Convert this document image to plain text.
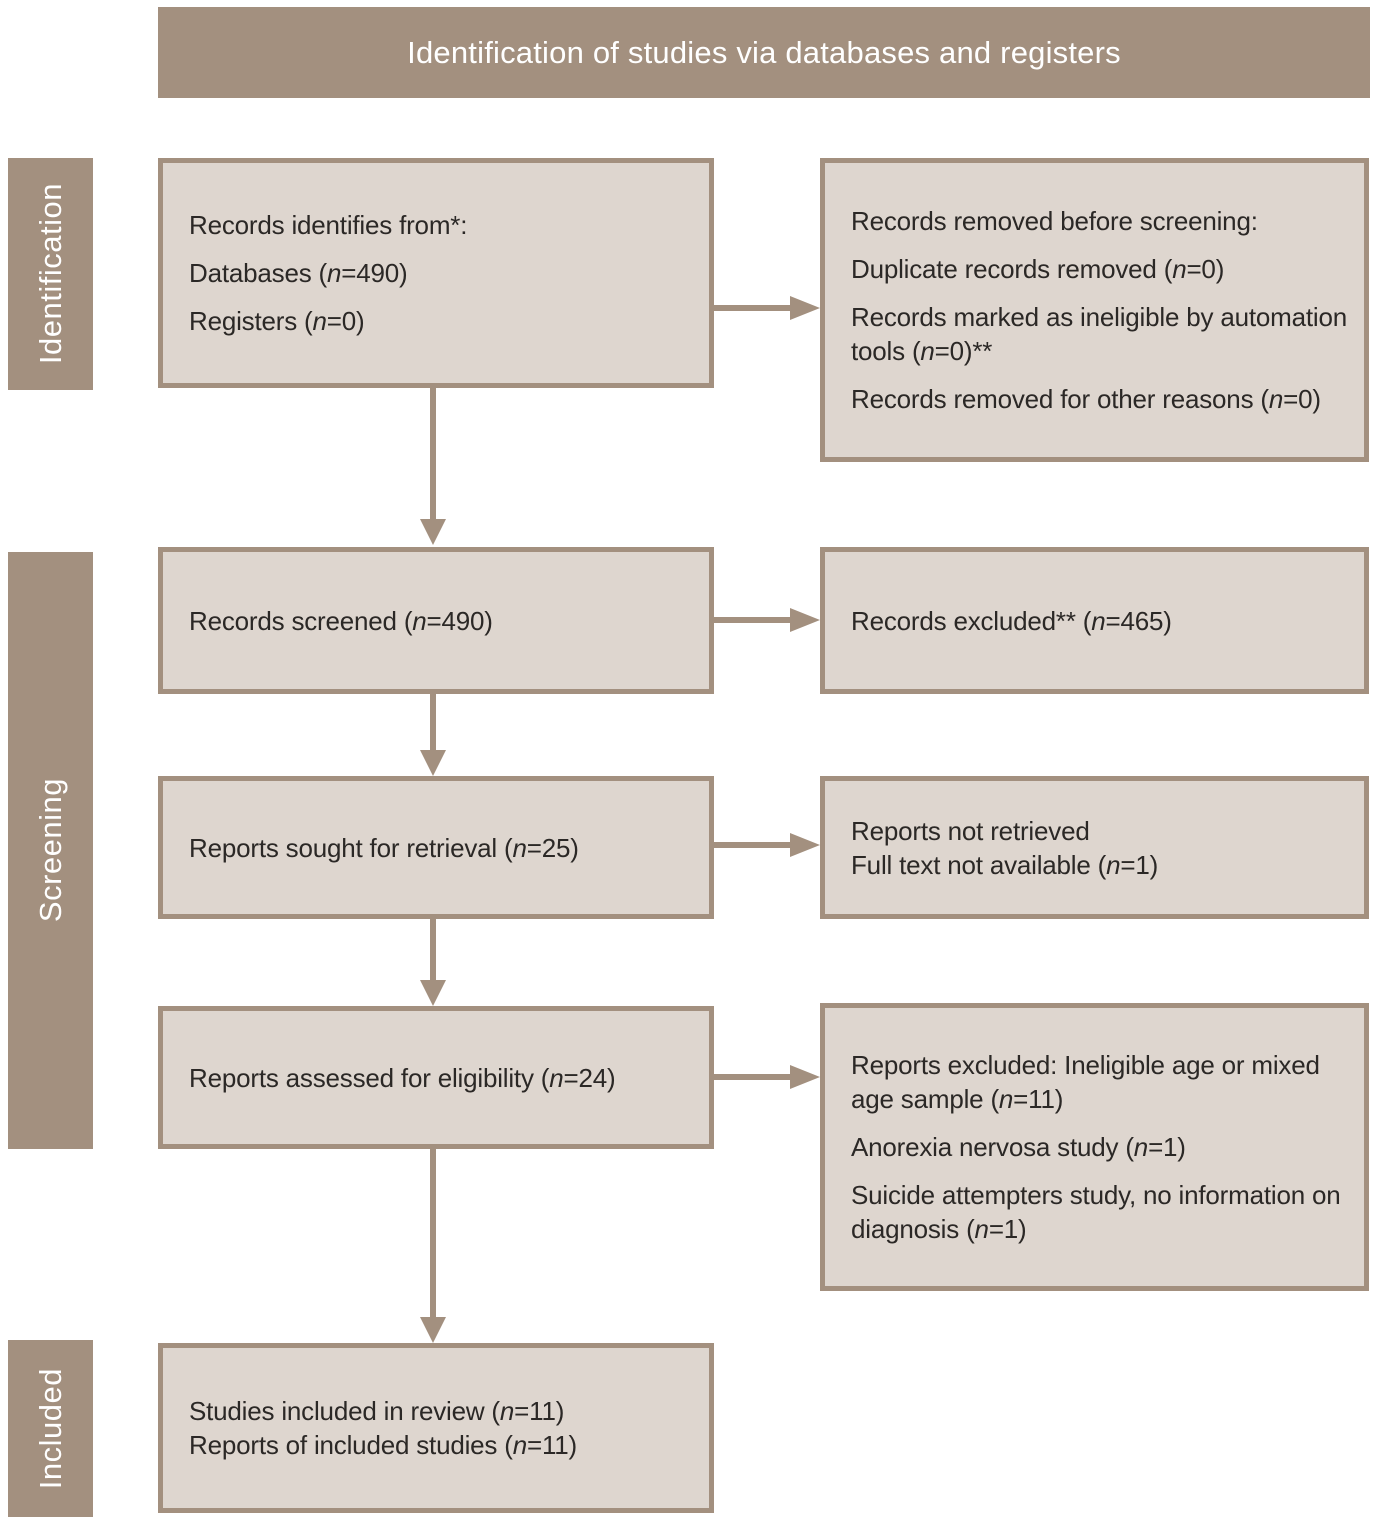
Identification of studies via databases and registers
Identification
Screening
Included

Records identifies from*:

Databases (n=490)

Registers (n=0)

Records removed before screening:

Duplicate records removed (n=0)

Records marked as ineligible by automation tools (n=0)**

Records removed for other reasons (n=0)

Records screened (n=490)	Records excluded** (n=465)

Reports sought for retrieval (n=25)

Reports not retrieved

Full text not available (n=1)

Reports assessed for eligibility (n=24)	Reports excluded: Ineligible age or mixed age sample (n=11)

Anorexia nervosa study (n=1)

Suicide attempters study, no information on diagnosis (n=1)

Studies included in review (n=11)

Reports of included studies (n=11)
